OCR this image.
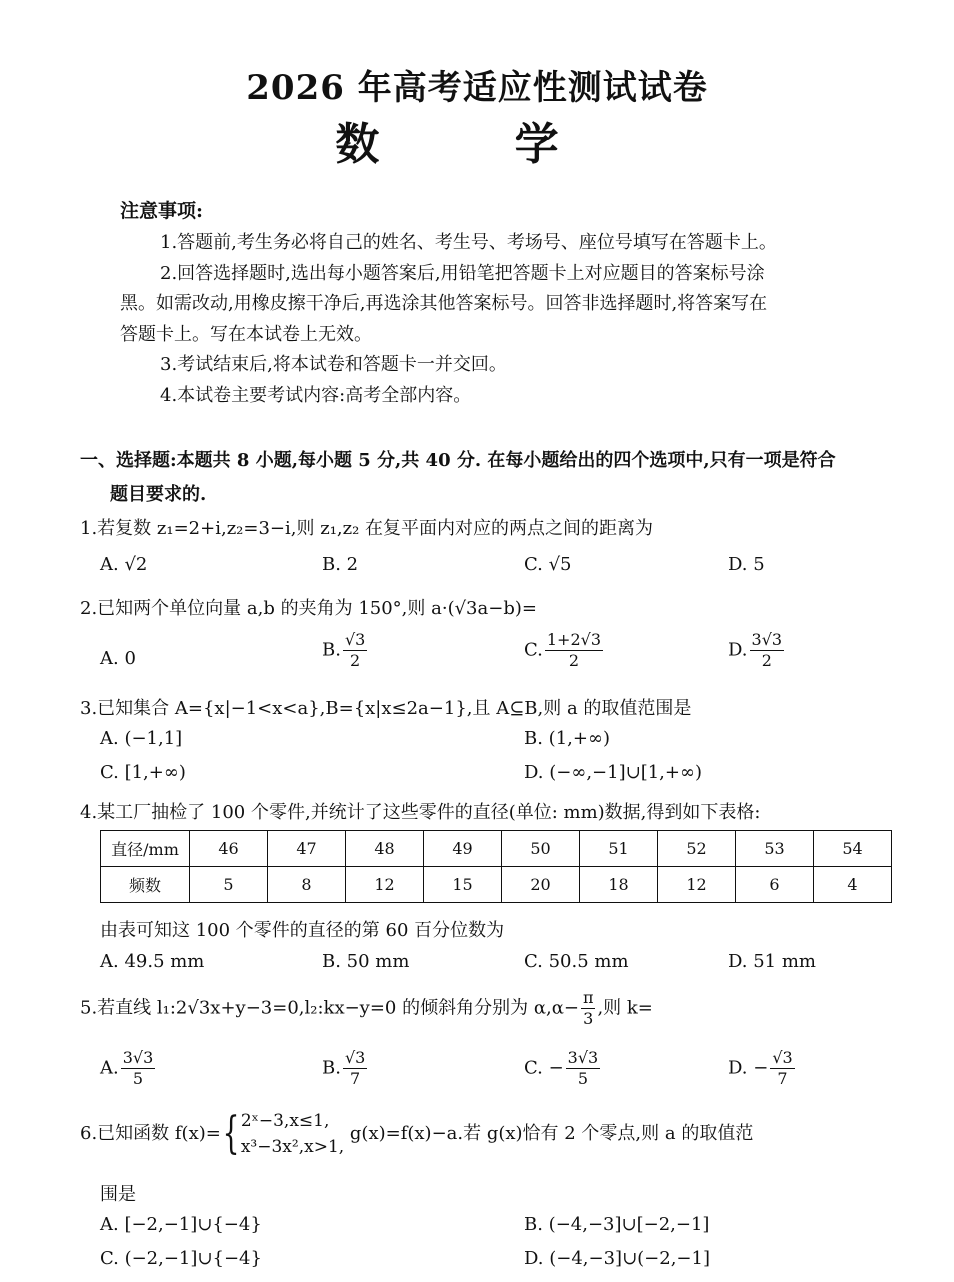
2026 年高考适应性测试试卷
数 学
注意事项:
1.答题前,考生务必将自己的姓名、考生号、考场号、座位号填写在答题卡上。
2.回答选择题时,选出每小题答案后,用铅笔把答题卡上对应题目的答案标号涂
黑。如需改动,用橡皮擦干净后,再选涂其他答案标号。回答非选择题时,将答案写在
答题卡上。写在本试卷上无效。
3.考试结束后,将本试卷和答题卡一并交回。
4.本试卷主要考试内容:高考全部内容。
一、选择题:本题共 8 小题,每小题 5 分,共 40 分. 在每小题给出的四个选项中,只有一项是符合
题目要求的.
1.若复数 z₁=2+i,z₂=3−i,则 z₁,z₂ 在复平面内对应的两点之间的距离为
A. √2	B. 2	C. √5	D. 5
2.已知两个单位向量 a,b 的夹角为 150°,则 a·(√3a−b)=
A. 0	B. $\frac{√3}{2}$	C. $\frac{1+2√3}{2}$	D. $\frac{3√3}{2}$
3.已知集合 A={x|−1<x<a},B={x|x≤2a−1},且 A⊆B,则 a 的取值范围是
A. (−1,1]	B. (1,+∞)
C. [1,+∞)	D. (−∞,−1]∪[1,+∞)
4.某工厂抽检了 100 个零件,并统计了这些零件的直径(单位: mm)数据,得到如下表格:
直径/mm	46	47	48	49	50	51	52	53	54
频数	5	8	12	15	20	18	12	6	4
由表可知这 100 个零件的直径的第 60 百分位数为
A. 49.5 mm	B. 50 mm	C. 50.5 mm	D. 51 mm
5.若直线 l₁:2√3x+y−3=0,l₂:kx−y=0 的倾斜角分别为 $\alpha,\alpha- \frac{\pi}{3}$ ,则 k=
A. $\frac{3√3}{5}$	B. $\frac{√3}{7}$	C. − $\frac{3√3}{5}$	D. − $\frac{√3}{7}$
6.已知函数 f(x)={ 2ˣ−3,x≤1,
x³−3x²,x>1,
g(x)=f(x)−a.若 g(x)恰有 2 个零点,则 a 的取值范
围是
A. [−2,−1]∪{−4}	B. (−4,−3]∪[−2,−1]
C. (−2,−1]∪{−4}	D. (−4,−3]∪(−2,−1]
